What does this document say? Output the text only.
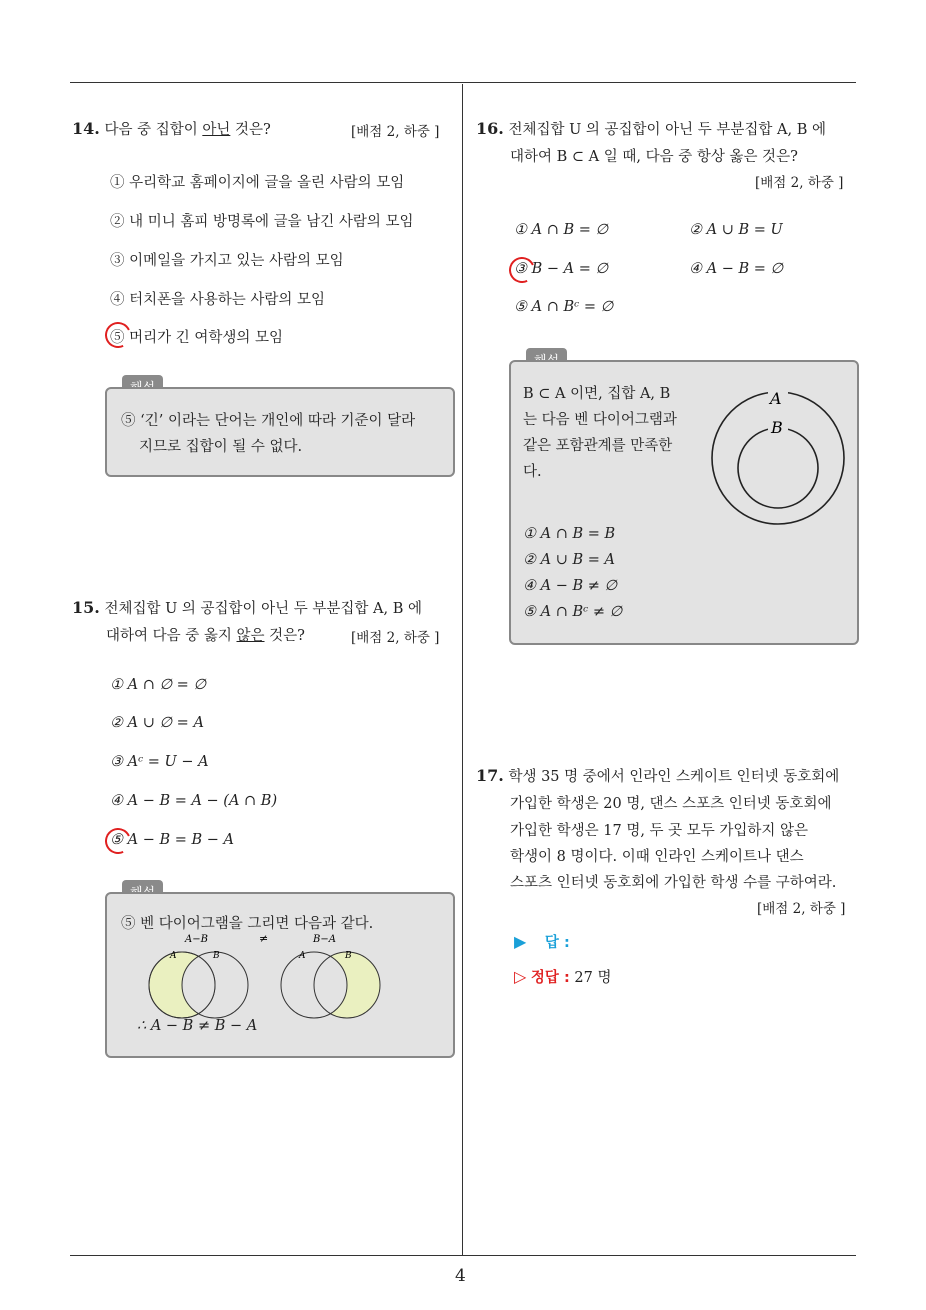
4
14. 다음 중 집합이 아닌 것은?	[배점 2, 하중 ]
① 우리학교 홈페이지에 글을 올린 사람의 모임
② 내 미니 홈피 방명록에 글을 남긴 사람의 모임
③ 이메일을 가지고 있는 사람의 모임
④ 터치폰을 사용하는 사람의 모임
⑤ 머리가 긴 여학생의 모임
⑤ ‘긴’ 이라는 단어는 개인에 따라 기준이 달라
지므로 집합이 될 수 없다.
15. 전체집합 U 의 공집합이 아닌 두 부분집합 A, B 에
대하여 다음 중 옳지 않은 것은?	[배점 2, 하중 ]
① A ∩ ∅ = ∅
② A ∪ ∅ = A
③ Aᶜ = U − A
④ A − B = A − (A ∩ B)
⑤ A − B = B − A
⑤ 벤 다이어그램을 그리면 다음과 같다.
A−B	≠	B−A
A	B	A	B
∴ A − B ≠ B − A
16. 전체집합 U 의 공집합이 아닌 두 부분집합 A, B 에
대하여 B ⊂ A 일 때, 다음 중 항상 옳은 것은?
[배점 2, 하중 ]
① A ∩ B = ∅	② A ∪ B = U
③ B − A = ∅	④ A − B = ∅
⑤ A ∩ Bᶜ = ∅
B ⊂ A 이면, 집합 A, B
는 다음 벤 다이어그램과
같은 포함관계를 만족한
다.
A
B
① A ∩ B = B
② A ∪ B = A
④ A − B ≠ ∅
⑤ A ∩ Bᶜ ≠ ∅
17. 학생 35 명 중에서 인라인 스케이트 인터넷 동호회에
가입한 학생은 20 명, 댄스 스포츠 인터넷 동호회에
가입한 학생은 17 명, 두 곳 모두 가입하지 않은
학생이 8 명이다. 이때 인라인 스케이트나 댄스
스포츠 인터넷 동호회에 가입한 학생 수를 구하여라.
[배점 2, 하중 ]
▶ 답 :
▷ 정답 : 27 명
